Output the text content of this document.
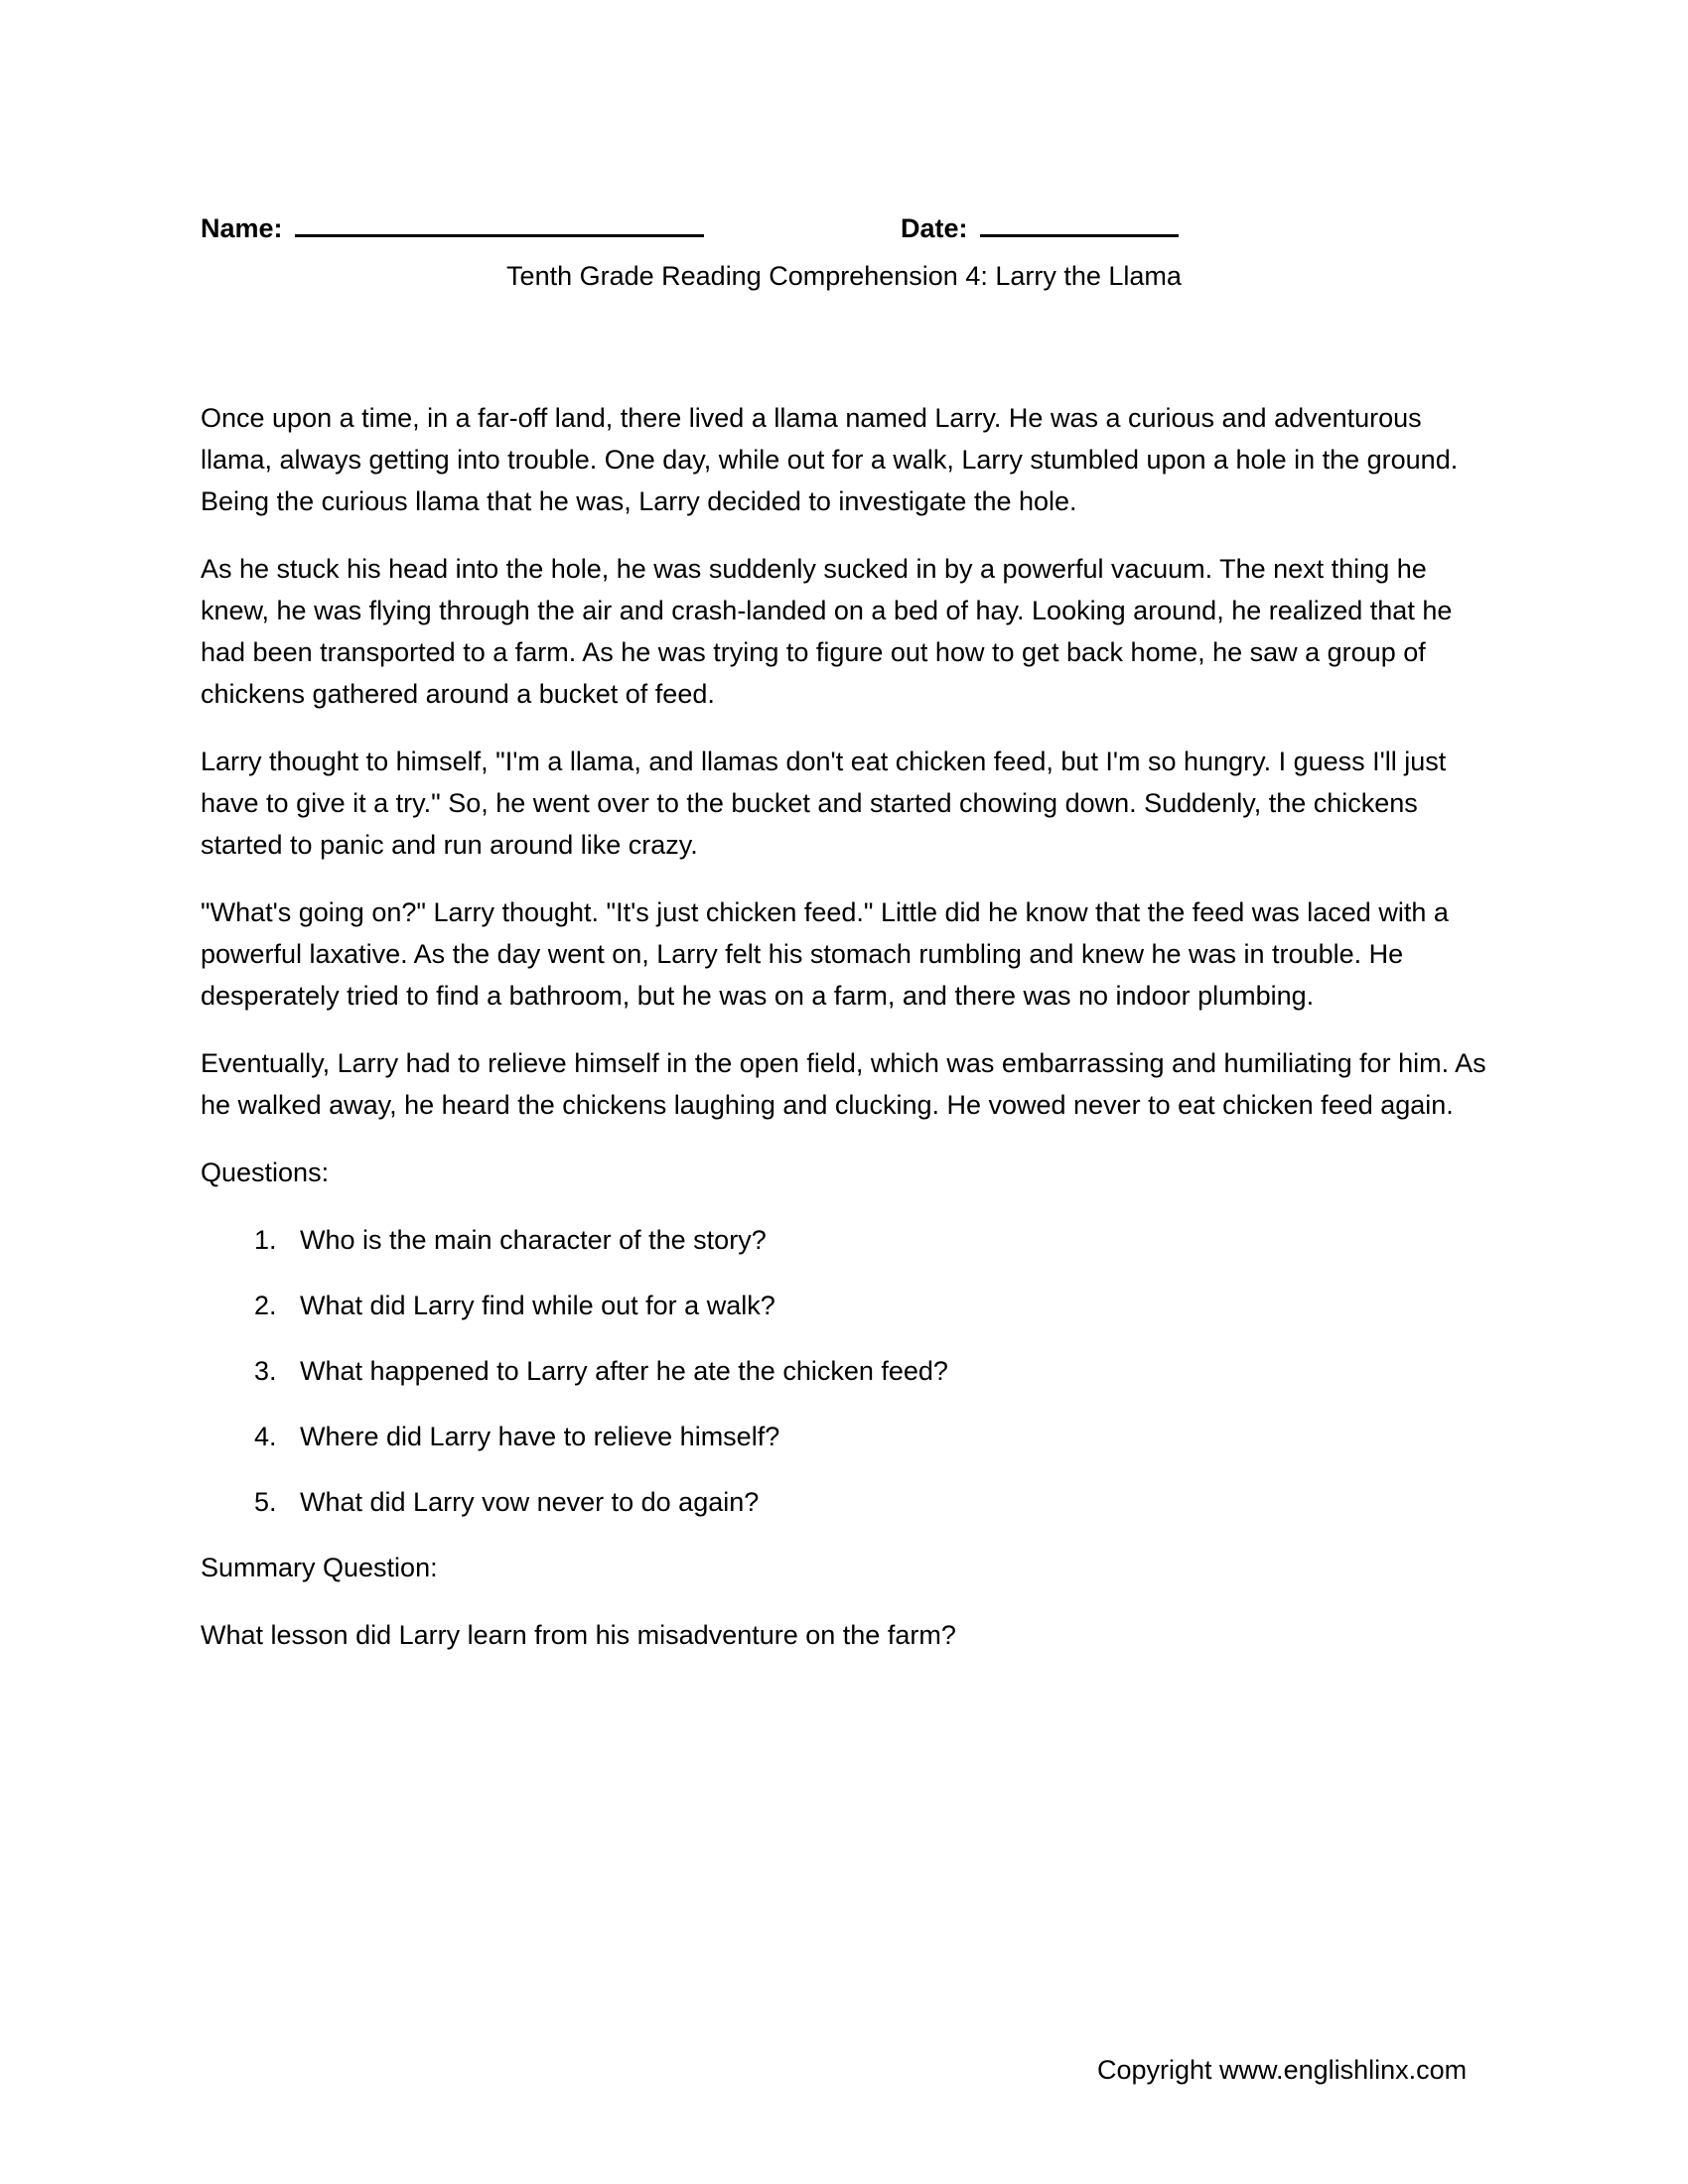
Name:	Date:
Tenth Grade Reading Comprehension 4: Larry the Llama

Once upon a time, in a far-off land, there lived a llama named Larry. He was a curious and adventurous llama, always getting into trouble. One day, while out for a walk, Larry stumbled upon a hole in the ground. Being the curious llama that he was, Larry decided to investigate the hole.

As he stuck his head into the hole, he was suddenly sucked in by a powerful vacuum. The next thing he knew, he was flying through the air and crash-landed on a bed of hay. Looking around, he realized that he had been transported to a farm. As he was trying to figure out how to get back home, he saw a group of chickens gathered around a bucket of feed.

Larry thought to himself, "I'm a llama, and llamas don't eat chicken feed, but I'm so hungry. I guess I'll just have to give it a try." So, he went over to the bucket and started chowing down. Suddenly, the chickens started to panic and run around like crazy.

"What's going on?" Larry thought. "It's just chicken feed." Little did he know that the feed was laced with a powerful laxative. As the day went on, Larry felt his stomach rumbling and knew he was in trouble. He desperately tried to find a bathroom, but he was on a farm, and there was no indoor plumbing.

Eventually, Larry had to relieve himself in the open field, which was embarrassing and humiliating for him. As he walked away, he heard the chickens laughing and clucking. He vowed never to eat chicken feed again.

Questions:

1. Who is the main character of the story?
2. What did Larry find while out for a walk?
3. What happened to Larry after he ate the chicken feed?
4. Where did Larry have to relieve himself?
5. What did Larry vow never to do again?

Summary Question:

What lesson did Larry learn from his misadventure on the farm?

Copyright www.englishlinx.com
